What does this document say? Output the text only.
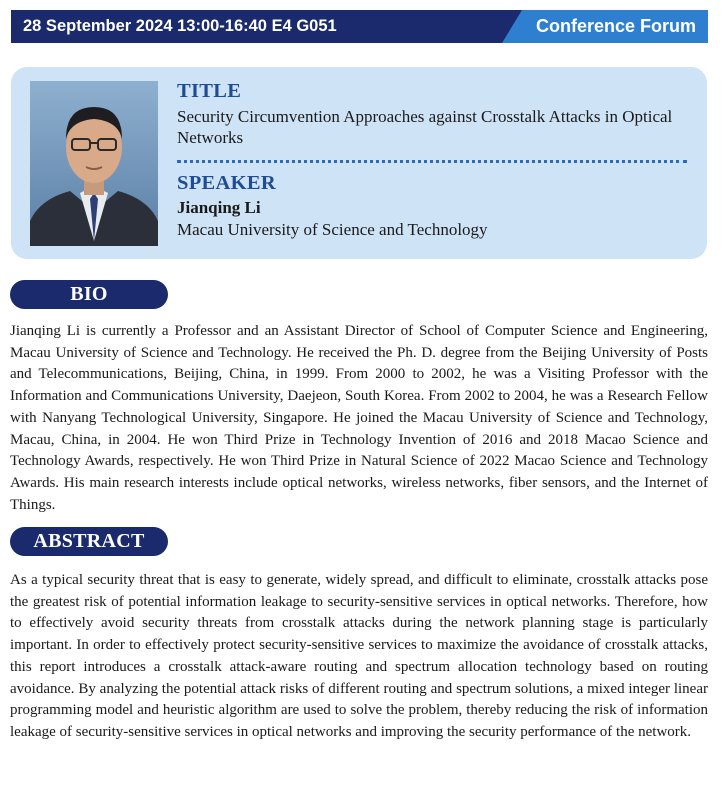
28 September 2024 13:00-16:40 E4 G051	Conference Forum
TITLE
Security Circumvention Approaches against Crosstalk Attacks in Optical Networks
SPEAKER
Jianqing Li
Macau University of Science and Technology
BIO
Jianqing Li is currently a Professor and an Assistant Director of School of Computer Science and Engineering, Macau University of Science and Technology. He received the Ph. D. degree from the Beijing University of Posts and Telecommunications, Beijing, China, in 1999. From 2000 to 2002, he was a Visiting Professor with the Information and Communications University, Daejeon, South Korea. From 2002 to 2004, he was a Research Fellow with Nanyang Technological University, Singapore. He joined the Macau University of Science and Technology, Macau, China, in 2004. He won Third Prize in Technology Invention of 2016 and 2018 Macao Science and Technology Awards, respectively. He won Third Prize in Natural Science of 2022 Macao Science and Technology Awards. His main research interests include optical networks, wireless networks, fiber sensors, and the Internet of Things.
ABSTRACT
As a typical security threat that is easy to generate, widely spread, and difficult to eliminate, crosstalk attacks pose the greatest risk of potential information leakage to security-sensitive services in optical networks. Therefore, how to effectively avoid security threats from crosstalk attacks during the network planning stage is particularly important. In order to effectively protect security-sensitive services to maximize the avoidance of crosstalk attacks, this report introduces a crosstalk attack-aware routing and spectrum allocation technology based on routing avoidance. By analyzing the potential attack risks of different routing and spectrum solutions, a mixed integer linear programming model and heuristic algorithm are used to solve the problem, thereby reducing the risk of information leakage of security-sensitive services in optical networks and improving the security performance of the network.
